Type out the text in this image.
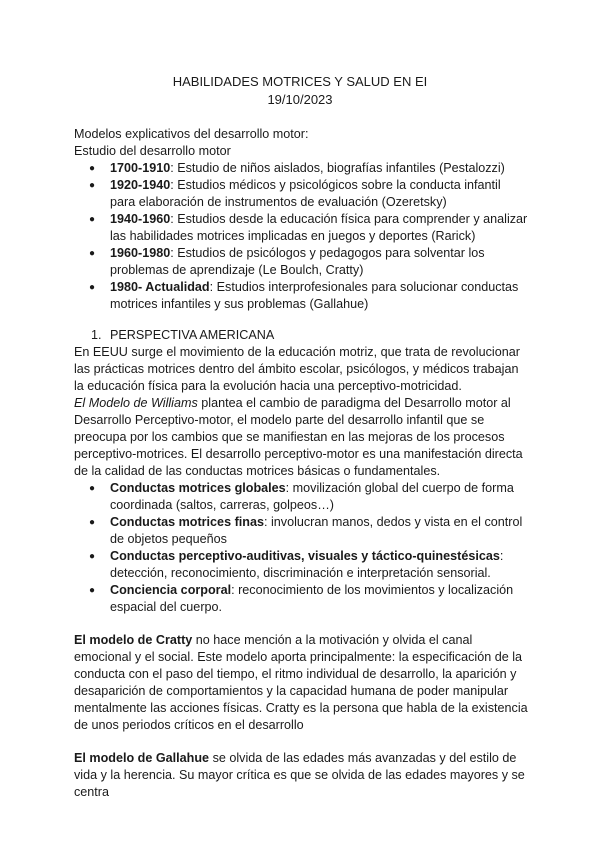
HABILIDADES MOTRICES Y SALUD EN EI
19/10/2023

Modelos explicativos del desarrollo motor:

Estudio del desarrollo motor

● 1700-1910: Estudio de niños aislados, biografías infantiles (Pestalozzi)
● 1920-1940: Estudios médicos y psicológicos sobre la conducta infantil para elaboración de instrumentos de evaluación (Ozeretsky)
● 1940-1960: Estudios desde la educación física para comprender y analizar las habilidades motrices implicadas en juegos y deportes (Rarick)
● 1960-1980: Estudios de psicólogos y pedagogos para solventar los problemas de aprendizaje (Le Boulch, Cratty)
● 1980- Actualidad: Estudios interprofesionales para solucionar conductas motrices infantiles y sus problemas (Gallahue)
1. PERSPECTIVA AMERICANA

En EEUU surge el movimiento de la educación motriz, que trata de revolucionar las prácticas motrices dentro del ámbito escolar, psicólogos, y médicos trabajan la educación física para la evolución hacia una perceptivo-motricidad.

El Modelo de Williams plantea el cambio de paradigma del Desarrollo motor al Desarrollo Perceptivo-motor, el modelo parte del desarrollo infantil que se preocupa por los cambios que se manifiestan en las mejoras de los procesos perceptivo-motrices. El desarrollo perceptivo-motor es una manifestación directa de la calidad de las conductas motrices básicas o fundamentales.

● Conductas motrices globales: movilización global del cuerpo de forma coordinada (saltos, carreras, golpeos…)
● Conductas motrices finas: involucran manos, dedos y vista en el control de objetos pequeños
● Conductas perceptivo-auditivas, visuales y táctico-quinestésicas: detección, reconocimiento, discriminación e interpretación sensorial.
● Conciencia corporal: reconocimiento de los movimientos y localización espacial del cuerpo.

El modelo de Cratty no hace mención a la motivación y olvida el canal emocional y el social. Este modelo aporta principalmente: la especificación de la conducta con el paso del tiempo, el ritmo individual de desarrollo, la aparición y desaparición de comportamientos y la capacidad humana de poder manipular mentalmente las acciones físicas. Cratty es la persona que habla de la existencia de unos periodos críticos en el desarrollo

El modelo de Gallahue se olvida de las edades más avanzadas y del estilo de vida y la herencia. Su mayor crítica es que se olvida de las edades mayores y se centra
